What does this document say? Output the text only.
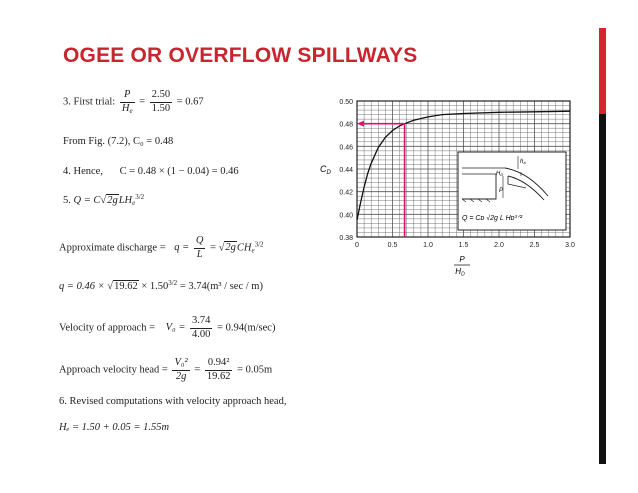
OGEE OR OVERFLOW SPILLWAYS
3. First trial: $\frac{P}{H_e} = \frac{2.50}{1.50} = 0.67$
From Fig. (7.2), C₀ = 0.48
4. Hence, C = 0.48 × (1 − 0.04) = 0.46
5. Q = C√2gLH$_e^{3/2}$
Approximate discharge = $q = \frac{Q}{L} = √2gCH_e^{3/2}$
$q = 0.46 \times √19.62 \times 1.50^{3/2} = 3.74(m^3 / \sec / m)$
Velocity of approach = $V_0 = \frac{3.74}{4.00} = 0.94(m/\sec)$
Approach velocity head = $\frac{\text{V₀²}}{2g} = \frac{\text{0.94²}}{19.62} = 0.05m$
6. Revised computations with velocity approach head,
Hₑ = 1.50 + 0.05 = 1.55m
0.38
0.40
0.42
0.44
0.46
0.48
0.50
0	0.5	1.0	1.5	2.0	2.5	3.0
$C_D$
P
HD
ha
HD
P
Q = Cᴅ √2g L Hᴅ³ᐟ²
